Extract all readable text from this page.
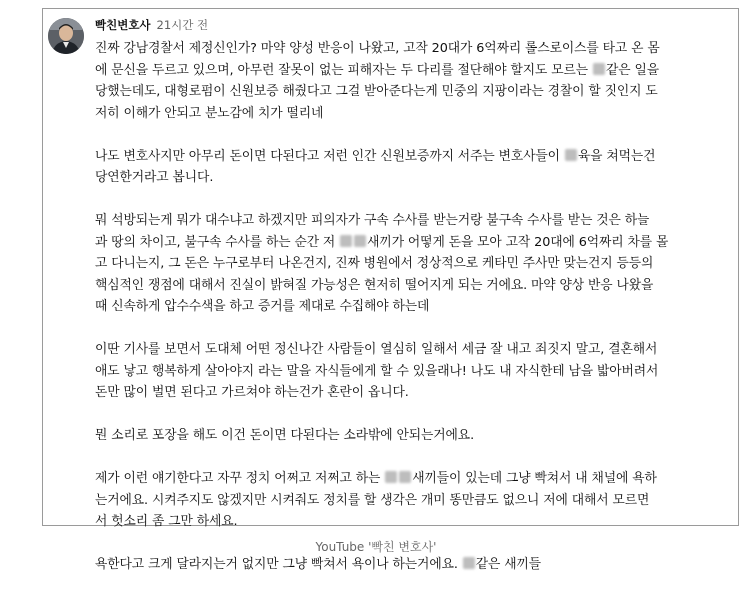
빡친변호사 21시간 전
진짜 강남경찰서 제정신인가? 마약 양성 반응이 나왔고, 고작 20대가 6억짜리 롤스로이스를 타고 온 몸
에 문신을 두르고 있으며, 아무런 잘못이 없는 피해자는 두 다리를 절단해야 할지도 모르는 같은 일을
당했는데도, 대형로펌이 신원보증 해줬다고 그걸 받아준다는게 민중의 지팡이라는 경찰이 할 짓인지 도
저히 이해가 안되고 분노감에 치가 떨리네
나도 변호사지만 아무리 돈이면 다된다고 저런 인간 신원보증까지 서주는 변호사들이 육을 쳐먹는건
당연한거라고 봅니다.
뭐 석방되는게 뭐가 대수냐고 하겠지만 피의자가 구속 수사를 받는거랑 불구속 수사를 받는 것은 하늘
과 땅의 차이고, 불구속 수사를 하는 순간 저 새끼가 어떻게 돈을 모아 고작 20대에 6억짜리 차를 몰
고 다니는지, 그 돈은 누구로부터 나온건지, 진짜 병원에서 정상적으로 케타민 주사만 맞는건지 등등의
핵심적인 쟁점에 대해서 진실이 밝혀질 가능성은 현저히 떨어지게 되는 거에요. 마약 양상 반응 나왔을
때 신속하게 압수수색을 하고 증거를 제대로 수집해야 하는데
이딴 기사를 보면서 도대체 어떤 정신나간 사람들이 열심히 일해서 세금 잘 내고 죄짓지 말고, 결혼해서
애도 낳고 행복하게 살아야지 라는 말을 자식들에게 할 수 있을래나! 나도 내 자식한테 남을 밟아버려서
돈만 많이 벌면 된다고 가르쳐야 하는건가 혼란이 옵니다.
뭔 소리로 포장을 해도 이건 돈이면 다된다는 소라밖에 안되는거에요.
제가 이런 얘기한다고 자꾸 정치 어쩌고 저쩌고 하는 새끼들이 있는데 그냥 빡쳐서 내 채널에 욕하
는거에요. 시켜주지도 않겠지만 시켜줘도 정치를 할 생각은 개미 똥만큼도 없으니 저에 대해서 모르면
서 헛소리 좀 그만 하세요.
욕한다고 크게 달라지는거 없지만 그냥 빡쳐서 욕이나 하는거에요. 같은 새끼들
YouTube '빡친 변호사'
